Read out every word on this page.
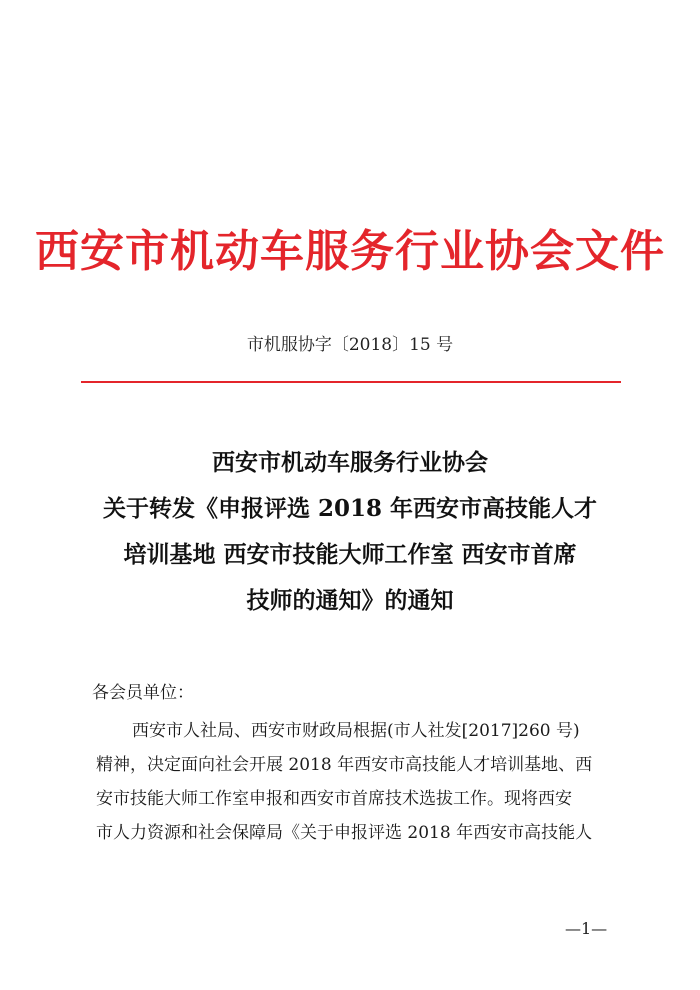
西安市机动车服务行业协会文件
市机服协字〔2018〕15 号
西安市机动车服务行业协会
关于转发《申报评选 2018 年西安市高技能人才
培训基地 西安市技能大师工作室 西安市首席
技师的通知》的通知
各会员单位：
西安市人社局、西安市财政局根据(市人社发[2017]260 号)
精神，决定面向社会开展 2018 年西安市高技能人才培训基地、西
安市技能大师工作室申报和西安市首席技术选拔工作。现将西安
市人力资源和社会保障局《关于申报评选 2018 年西安市高技能人
—1—
